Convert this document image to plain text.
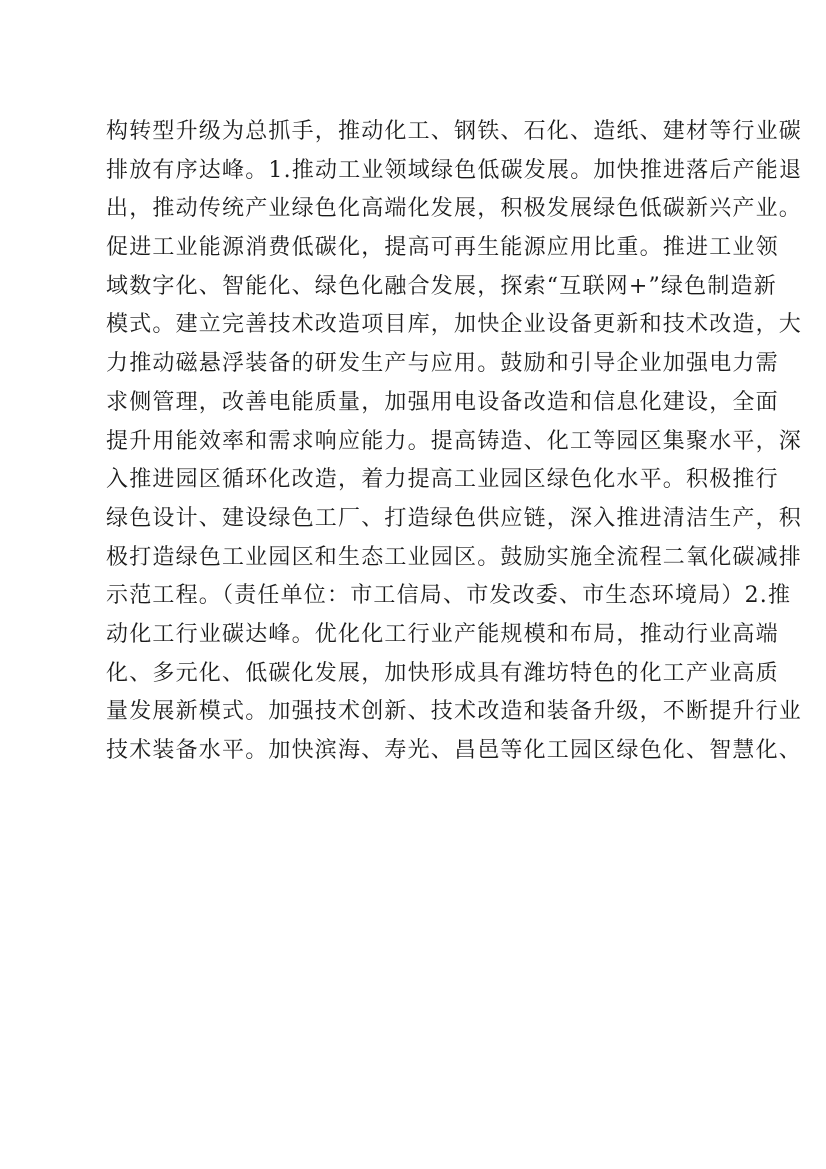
构转型升级为总抓手，推动化工、钢铁、石化、造纸、建材等行业碳
排放有序达峰。1.推动工业领域绿色低碳发展。加快推进落后产能退
出，推动传统产业绿色化高端化发展，积极发展绿色低碳新兴产业。
促进工业能源消费低碳化，提高可再生能源应用比重。推进工业领
域数字化、智能化、绿色化融合发展，探索“互联网+”绿色制造新
模式。建立完善技术改造项目库，加快企业设备更新和技术改造，大
力推动磁悬浮装备的研发生产与应用。鼓励和引导企业加强电力需
求侧管理，改善电能质量，加强用电设备改造和信息化建设，全面
提升用能效率和需求响应能力。提高铸造、化工等园区集聚水平，深
入推进园区循环化改造，着力提高工业园区绿色化水平。积极推行
绿色设计、建设绿色工厂、打造绿色供应链，深入推进清洁生产，积
极打造绿色工业园区和生态工业园区。鼓励实施全流程二氧化碳减排
示范工程。（责任单位：市工信局、市发改委、市生态环境局）2.推
动化工行业碳达峰。优化化工行业产能规模和布局，推动行业高端
化、多元化、低碳化发展，加快形成具有潍坊特色的化工产业高质
量发展新模式。加强技术创新、技术改造和装备升级，不断提升行业
技术装备水平。加快滨海、寿光、昌邑等化工园区绿色化、智慧化、
